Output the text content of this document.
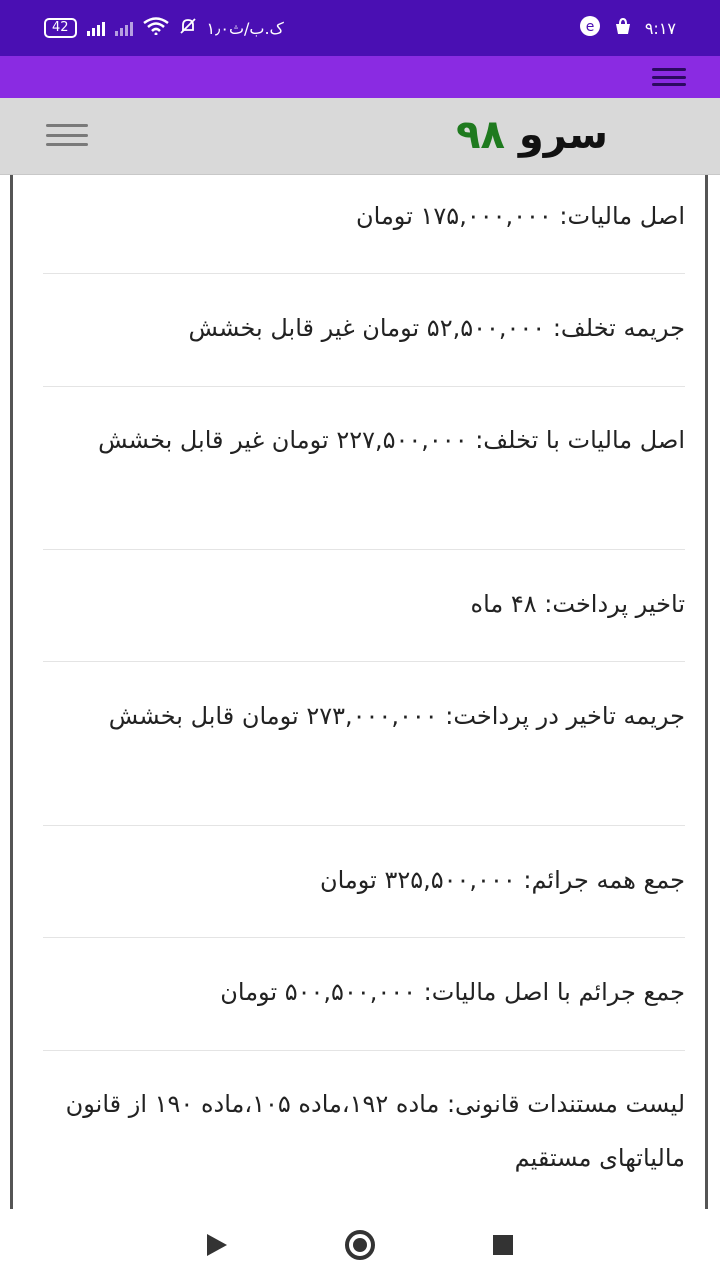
42	۱٫۰ک.ب/ث	e	۹:۱۷
سرو ۹۸
اصل مالیات: ۱۷۵,۰۰۰,۰۰۰ تومان
جریمه تخلف: ۵۲,۵۰۰,۰۰۰ تومان غیر قابل بخشش
اصل مالیات با تخلف: ۲۲۷,۵۰۰,۰۰۰ تومان غیر قابل بخشش
تاخیر پرداخت: ۴۸ ماه
جریمه تاخیر در پرداخت: ۲۷۳,۰۰۰,۰۰۰ تومان قابل بخشش
جمع همه جرائم: ۳۲۵,۵۰۰,۰۰۰ تومان
جمع جرائم با اصل مالیات: ۵۰۰,۵۰۰,۰۰۰ تومان
لیست مستندات قانونی: ماده ۱۹۲،ماده ۱۰۵،ماده ۱۹۰ از قانون مالیاتهای مستقیم
